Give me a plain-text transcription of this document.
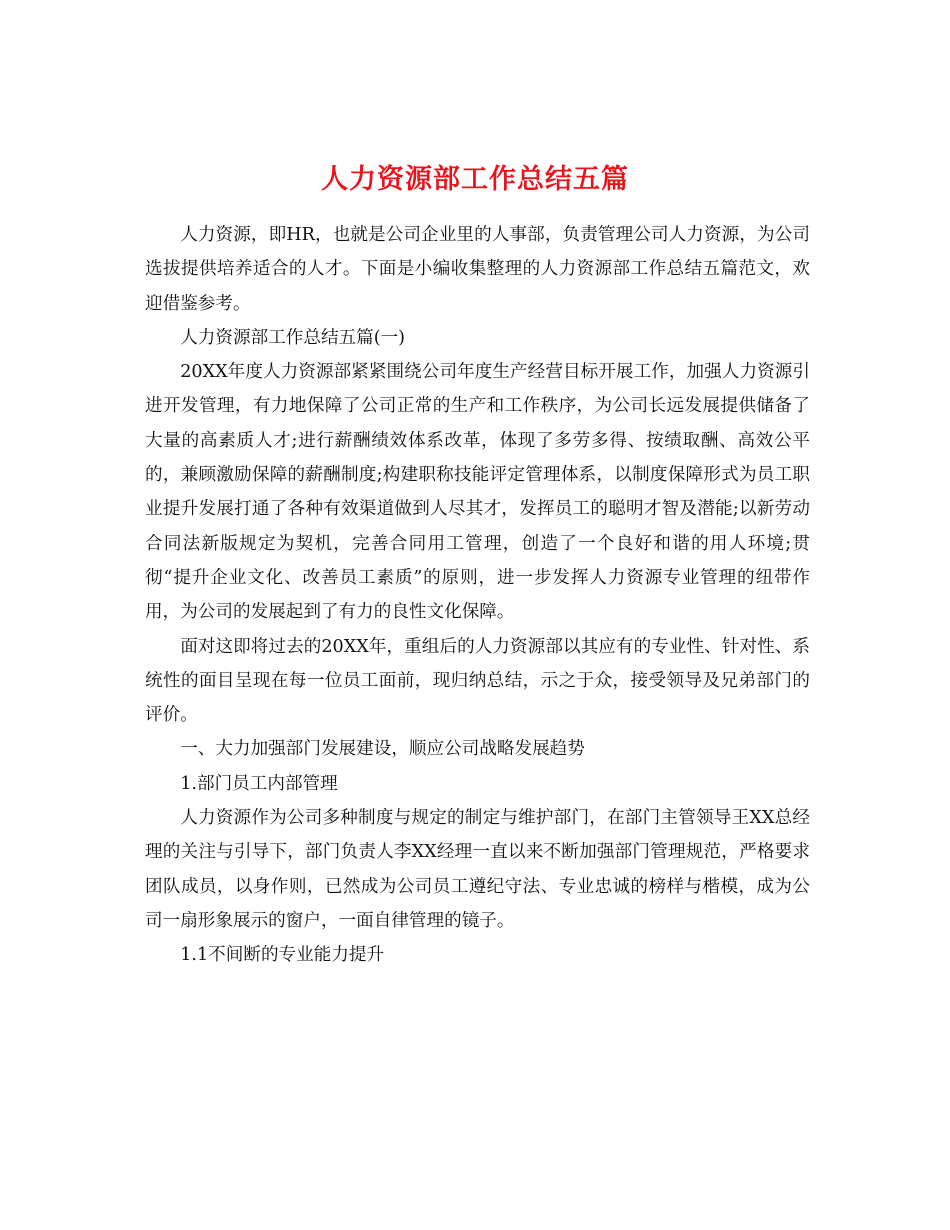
人力资源部工作总结五篇

人力资源，即HR，也就是公司企业里的人事部，负责管理公司人力资源，为公司选拔提供培养适合的人才。下面是小编收集整理的人力资源部工作总结五篇范文，欢迎借鉴参考。

人力资源部工作总结五篇(一)

20XX年度人力资源部紧紧围绕公司年度生产经营目标开展工作，加强人力资源引进开发管理，有力地保障了公司正常的生产和工作秩序，为公司长远发展提供储备了大量的高素质人才;进行薪酬绩效体系改革，体现了多劳多得、按绩取酬、高效公平的，兼顾激励保障的薪酬制度;构建职称技能评定管理体系，以制度保障形式为员工职业提升发展打通了各种有效渠道做到人尽其才，发挥员工的聪明才智及潜能;以新劳动合同法新版规定为契机，完善合同用工管理，创造了一个良好和谐的用人环境;贯彻“提升企业文化、改善员工素质”的原则，进一步发挥人力资源专业管理的纽带作用，为公司的发展起到了有力的良性文化保障。

面对这即将过去的20XX年，重组后的人力资源部以其应有的专业性、针对性、系统性的面目呈现在每一位员工面前，现归纳总结，示之于众，接受领导及兄弟部门的评价。

一、大力加强部门发展建设，顺应公司战略发展趋势

1.部门员工内部管理

人力资源作为公司多种制度与规定的制定与维护部门，在部门主管领导王XX总经理的关注与引导下，部门负责人李XX经理一直以来不断加强部门管理规范，严格要求团队成员，以身作则，已然成为公司员工遵纪守法、专业忠诚的榜样与楷模，成为公司一扇形象展示的窗户，一面自律管理的镜子。

1.1不间断的专业能力提升
